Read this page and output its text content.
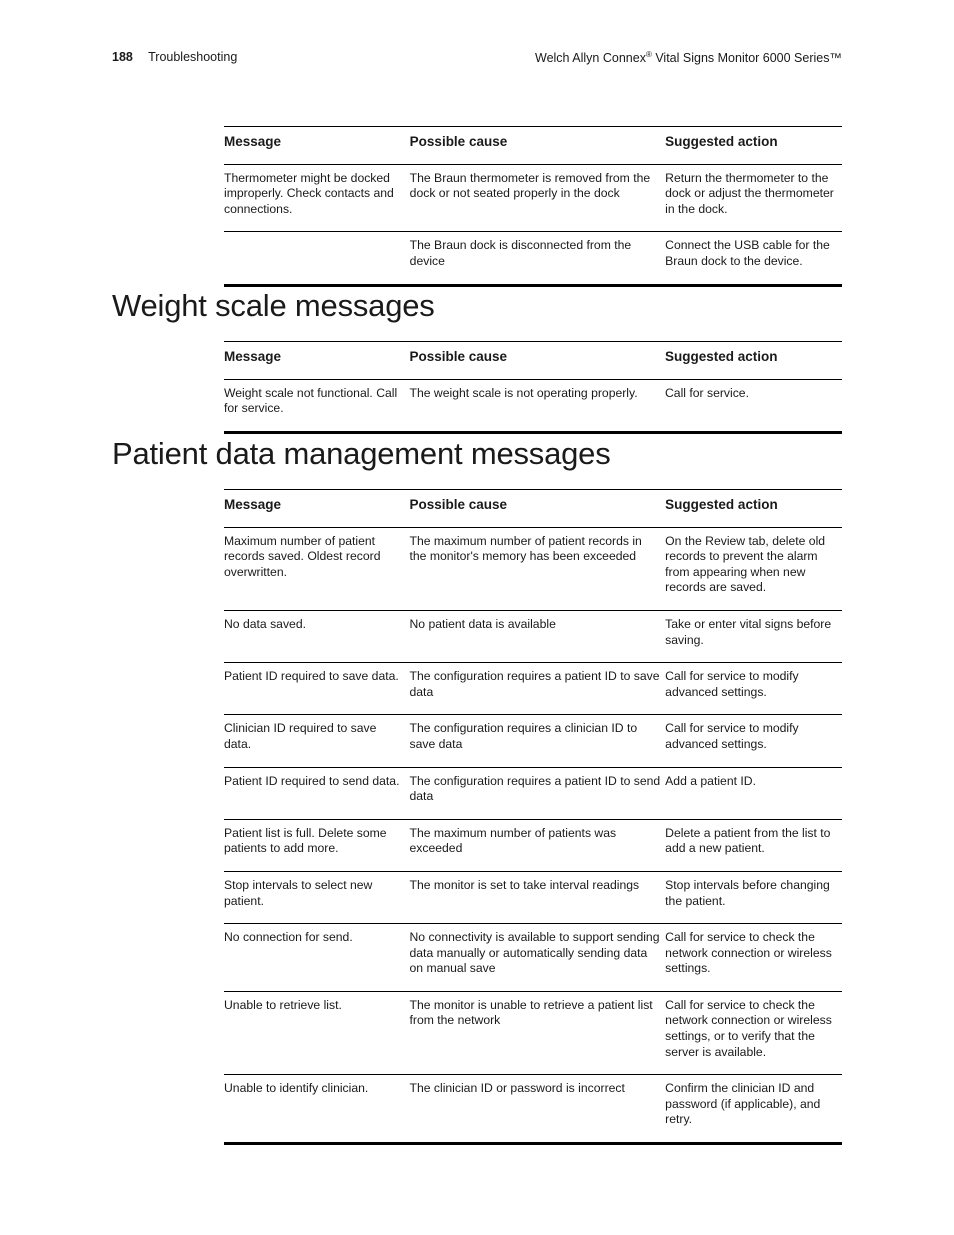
188 Troubleshooting	Welch Allyn Connex® Vital Signs Monitor 6000 Series™
Message	Possible cause	Suggested action
Thermometer might be docked improperly. Check contacts and connections.	The Braun thermometer is removed from the dock or not seated properly in the dock	Return the thermometer to the dock or adjust the thermometer in the dock.
	The Braun dock is disconnected from the device	Connect the USB cable for the Braun dock to the device.
Weight scale messages
Message	Possible cause	Suggested action
Weight scale not functional. Call for service.	The weight scale is not operating properly.	Call for service.
Patient data management messages
Message	Possible cause	Suggested action
Maximum number of patient records saved. Oldest record overwritten.	The maximum number of patient records in the monitor's memory has been exceeded	On the Review tab, delete old records to prevent the alarm from appearing when new records are saved.
No data saved.	No patient data is available	Take or enter vital signs before saving.
Patient ID required to save data.	The configuration requires a patient ID to save data	Call for service to modify advanced settings.
Clinician ID required to save data.	The configuration requires a clinician ID to save data	Call for service to modify advanced settings.
Patient ID required to send data.	The configuration requires a patient ID to send data	Add a patient ID.
Patient list is full. Delete some patients to add more.	The maximum number of patients was exceeded	Delete a patient from the list to add a new patient.
Stop intervals to select new patient.	The monitor is set to take interval readings	Stop intervals before changing the patient.
No connection for send.	No connectivity is available to support sending data manually or automatically sending data on manual save	Call for service to check the network connection or wireless settings.
Unable to retrieve list.	The monitor is unable to retrieve a patient list from the network	Call for service to check the network connection or wireless settings, or to verify that the server is available.
Unable to identify clinician.	The clinician ID or password is incorrect	Confirm the clinician ID and password (if applicable), and retry.
